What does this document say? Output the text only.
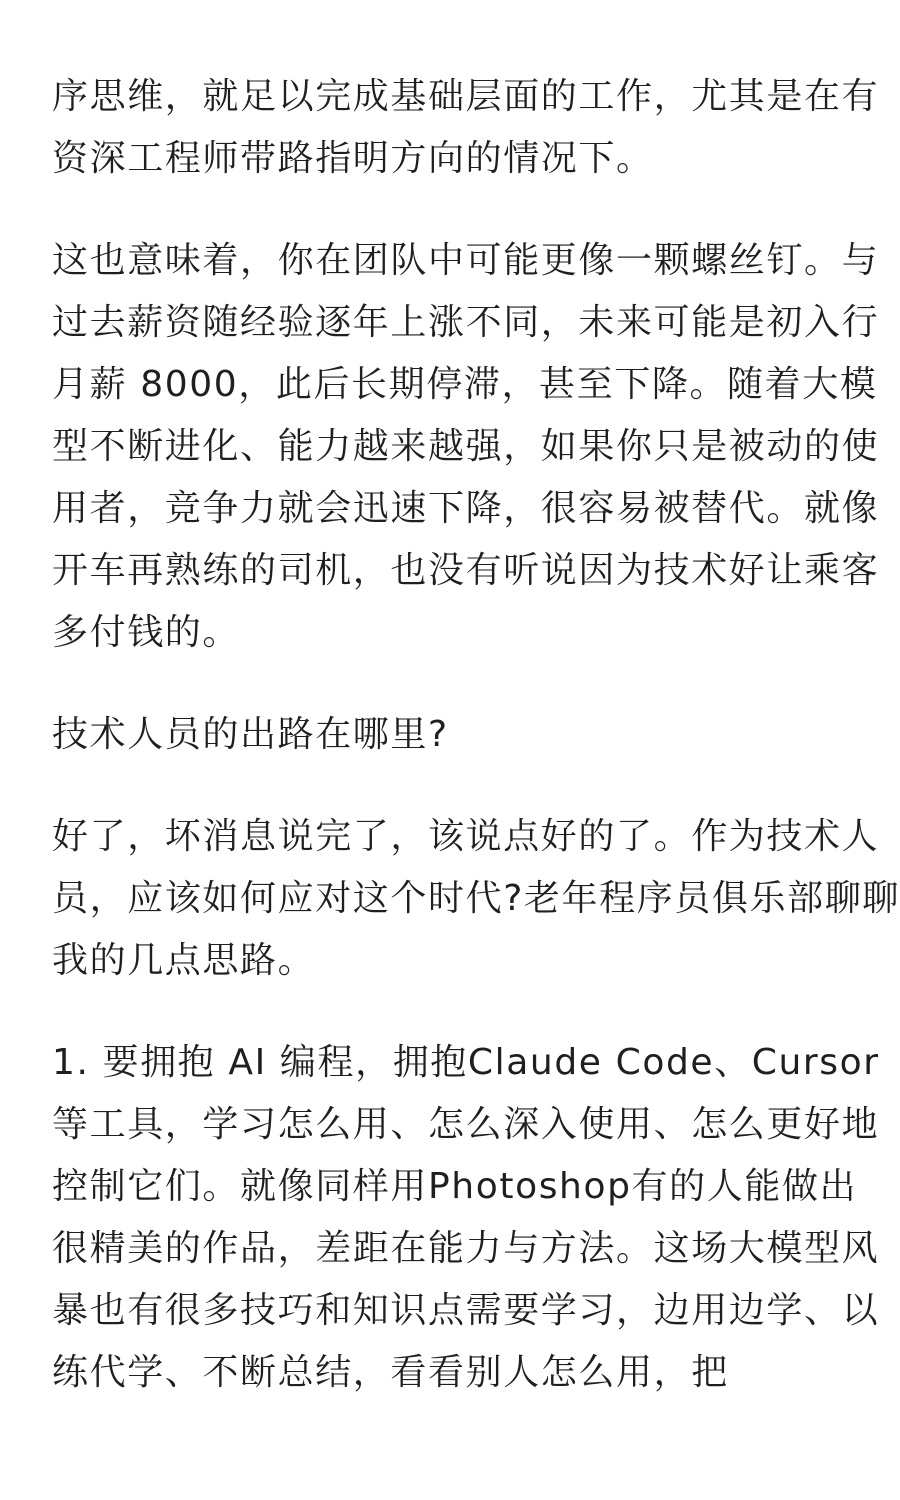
序思维，就足以完成基础层面的工作，尤其是在有
资深工程师带路指明方向的情况下。

这也意味着，你在团队中可能更像一颗螺丝钉。与
过去薪资随经验逐年上涨不同，未来可能是初入行
月薪 8000，此后长期停滞，甚至下降。随着大模
型不断进化、能力越来越强，如果你只是被动的使
用者，竞争力就会迅速下降，很容易被替代。就像
开车再熟练的司机，也没有听说因为技术好让乘客
多付钱的。

技术人员的出路在哪里?

好了，坏消息说完了，该说点好的了。作为技术人
员，应该如何应对这个时代?老年程序员俱乐部聊聊
我的几点思路。

1. 要拥抱 AI 编程，拥抱Claude Code、Cursor
等工具，学习怎么用、怎么深入使用、怎么更好地
控制它们。就像同样用Photoshop有的人能做出
很精美的作品，差距在能力与方法。这场大模型风
暴也有很多技巧和知识点需要学习，边用边学、以
练代学、不断总结，看看别人怎么用，把
